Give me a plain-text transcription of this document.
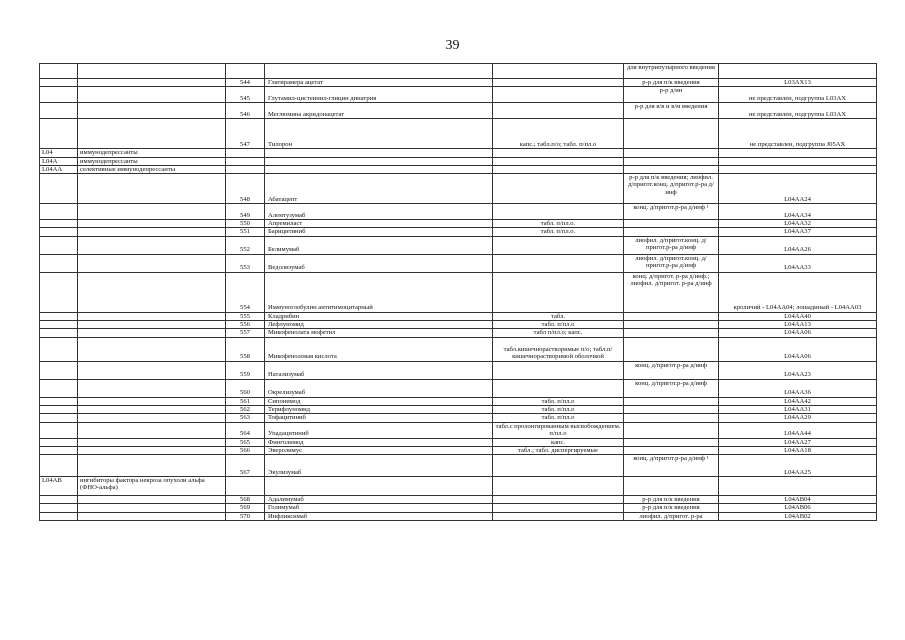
39
					для внутрипузырного введения	
		544	Глатирамера ацетат		р-р для п/к введения	L03AX13
		545	Глутамил-цистеинил-глицин динатрия		р-р д/ин	не представлен, подгруппа L03AX
		546	Меглюмина акридонацетат		р-р для в/в и в/м введения	не представлен, подгруппа L03AX
		547	Тилорон	капс.; табл.п/о; табл. п/пл.о		не представлен, подгруппа J05AX
L04	иммунодепрессанты					
L04A	иммунодепрессанты					
L04AA	селективные иммунодепрессанты					
		548	Абатацепт		р-р для п/к введения; лиофил. д/пригот.конц. д/пригот.р-ра д/инф	L04AA24
		549	Алемтузумаб		конц. д/пригот.р-ра д/инф ¹	L04AA34
		550	Апремиласт	табл. п/пл.о.		L04AA32
		551	Барицитиниб	табл. п/пл.о.		L04AA37
		552	Белимумаб		лиофил. д/пригот.конц. д/пригот.р-ра д/инф	L04AA26
		553	Ведолизумаб		лиофил. д/пригот.конц. д/пригот.р-ра д/инф	L04AA33
		554	Иммуноглобулин антитимоцитарный		конц. д/пригот. р-ра д/инф.; лиофил. д/пригот. р-ра д/инф	кроличий - L04AA04; лошадиный - L04AA03
		555	Кладрибин	табл.		L04AA40
		556	Лефлуномид	табл. п/пл.о		L04AA13
		557	Микофенолата мофетил	табл п/пл.о; капс.		L04AA06
		558	Микофеноловая кислота	табл.кишечнорастворимые п/о; табл.п/кишечнорастворимой оболочкой		L04AA06
		559	Натализумаб		конц. д/пригот.р-ра д/инф	L04AA23
		560	Окрелизумаб		конц. д/пригот.р-ра д/инф	L04AA36
		561	Сипонимод	табл. п/пл.о		L04AA42
		562	Терифлуномид	табл. п/пл.о		L04AA31
		563	Тофацитиниб	табл. п/пл.о		L04AA29
		564	Упадацитиниб	табл.с пролонгированным высвобождением. п/пл.о		L04AA44
		565	Финголимод	капс.		L04AA27
		566	Эверолимус	табл.; табл. диспергируемые		L04AA18
		567	Экулизумаб		конц. д/пригот.р-ра д/инф ¹	L04AA25
L04AB	ингибиторы фактора некроза опухоли альфа (ФНО-альфа)					
		568	Адалимумаб		р-р для п/к введения	L04AB04
		569	Голимумаб		р-р для п/к введения	L04AB06
		570	Инфликсимаб		лиофил. д/пригот. р-ра	L04AB02
